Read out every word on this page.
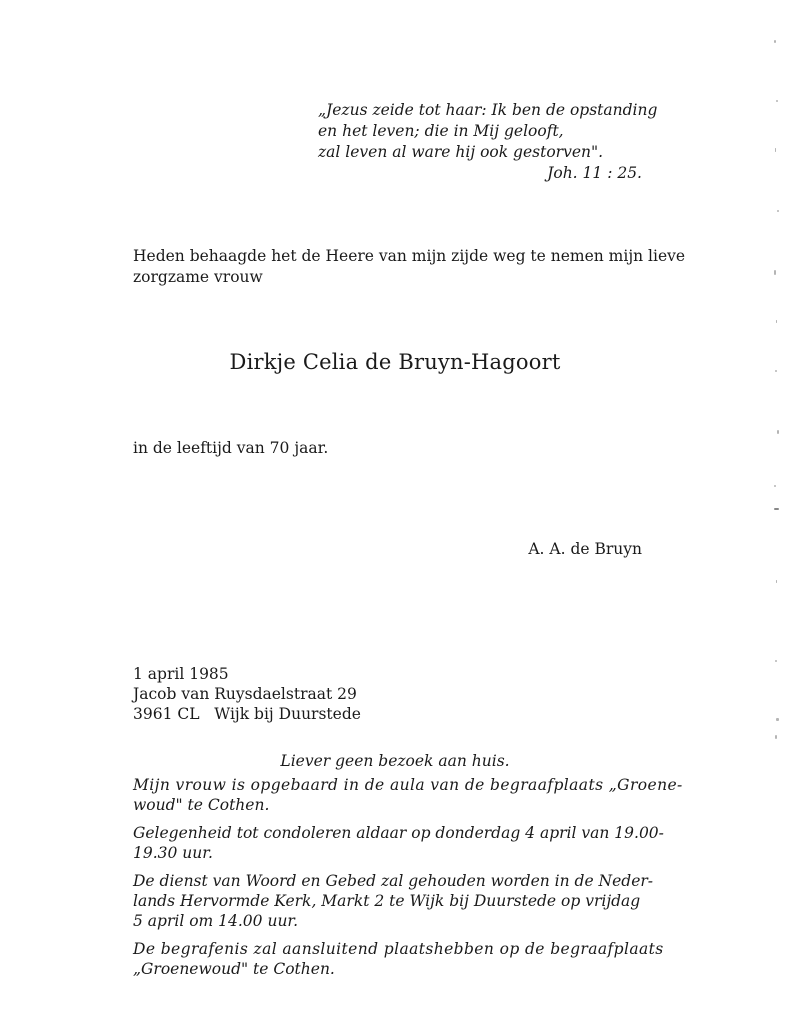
„Jezus zeide tot haar: Ik ben de opstanding
en het leven; die in Mij gelooft,
zal leven al ware hij ook gestorven".
Joh. 11 : 25.
Heden behaagde het de Heere van mijn zijde weg te nemen mijn lieve
zorgzame vrouw
Dirkje Celia de Bruyn-Hagoort
in de leeftijd van 70 jaar.
A. A. de Bruyn
1 april 1985
Jacob van Ruysdaelstraat 29
3961 CL   Wijk bij Duurstede
Liever geen bezoek aan huis.
Mijn vrouw is opgebaard in de aula van de begraafplaats „Groene-
woud" te Cothen.
Gelegenheid tot condoleren aldaar op donderdag 4 april van 19.00-
19.30 uur.
De dienst van Woord en Gebed zal gehouden worden in de Neder-
lands Hervormde Kerk, Markt 2 te Wijk bij Duurstede op vrijdag
5 april om 14.00 uur.
De begrafenis zal aansluitend plaatshebben op de begraafplaats
„Groenewoud" te Cothen.
